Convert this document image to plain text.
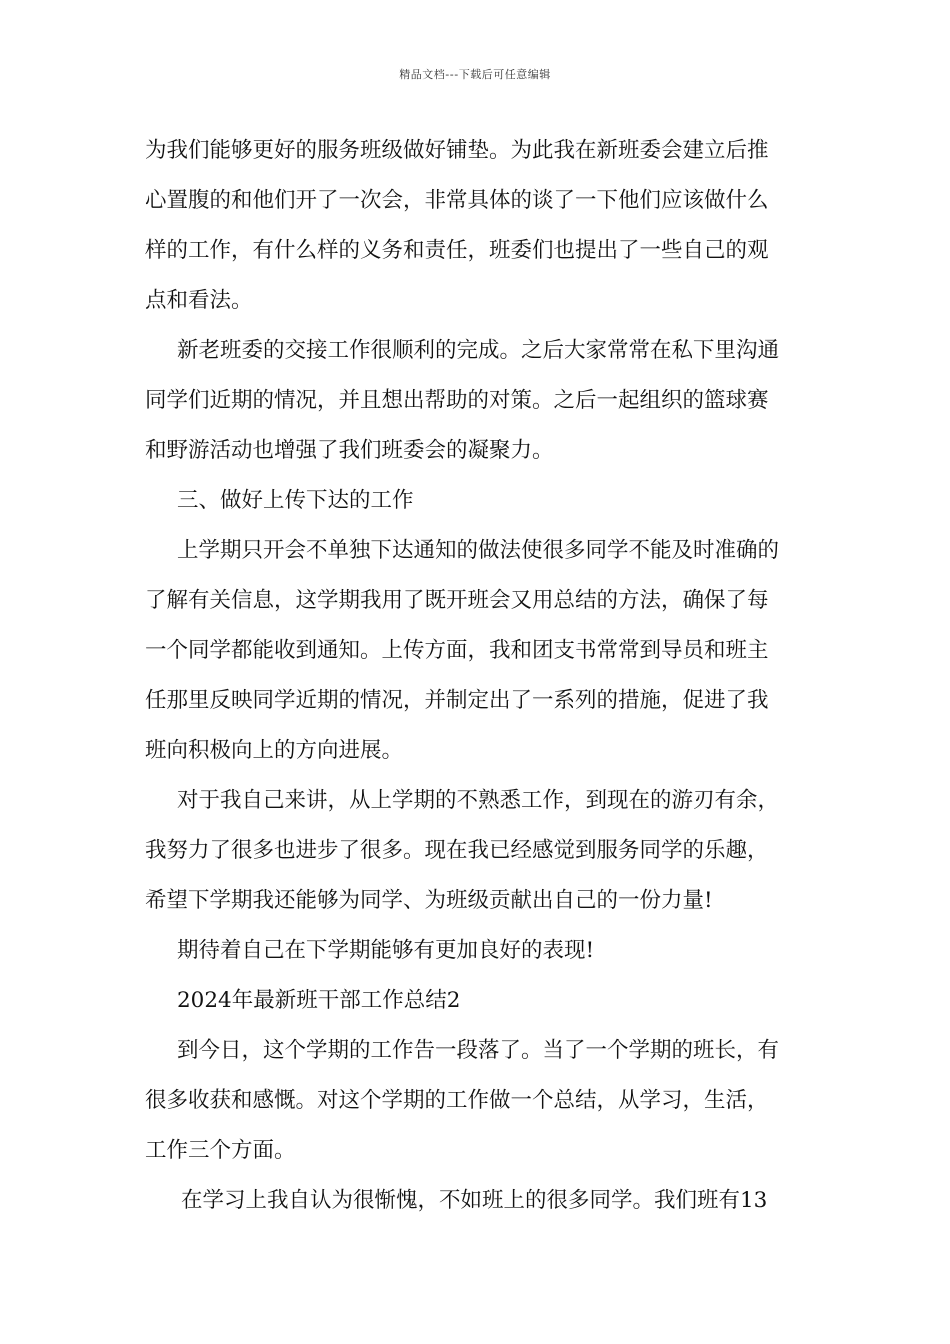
精品文档---下载后可任意编辑

为我们能够更好的服务班级做好铺垫。为此我在新班委会建立后推

心置腹的和他们开了一次会，非常具体的谈了一下他们应该做什么

样的工作，有什么样的义务和责任，班委们也提出了一些自己的观

点和看法。

新老班委的交接工作很顺利的完成。之后大家常常在私下里沟通

同学们近期的情况，并且想出帮助的对策。之后一起组织的篮球赛

和野游活动也增强了我们班委会的凝聚力。

三、做好上传下达的工作

上学期只开会不单独下达通知的做法使很多同学不能及时准确的

了解有关信息，这学期我用了既开班会又用总结的方法，确保了每

一个同学都能收到通知。上传方面，我和团支书常常到导员和班主

任那里反映同学近期的情况，并制定出了一系列的措施，促进了我

班向积极向上的方向进展。

对于我自己来讲，从上学期的不熟悉工作，到现在的游刃有余，

我努力了很多也进步了很多。现在我已经感觉到服务同学的乐趣，

希望下学期我还能够为同学、为班级贡献出自己的一份力量!

期待着自己在下学期能够有更加良好的表现!

2024年最新班干部工作总结2

到今日，这个学期的工作告一段落了。当了一个学期的班长，有

很多收获和感慨。对这个学期的工作做一个总结，从学习，生活，

工作三个方面。

在学习上我自认为很惭愧，不如班上的很多同学。我们班有13
